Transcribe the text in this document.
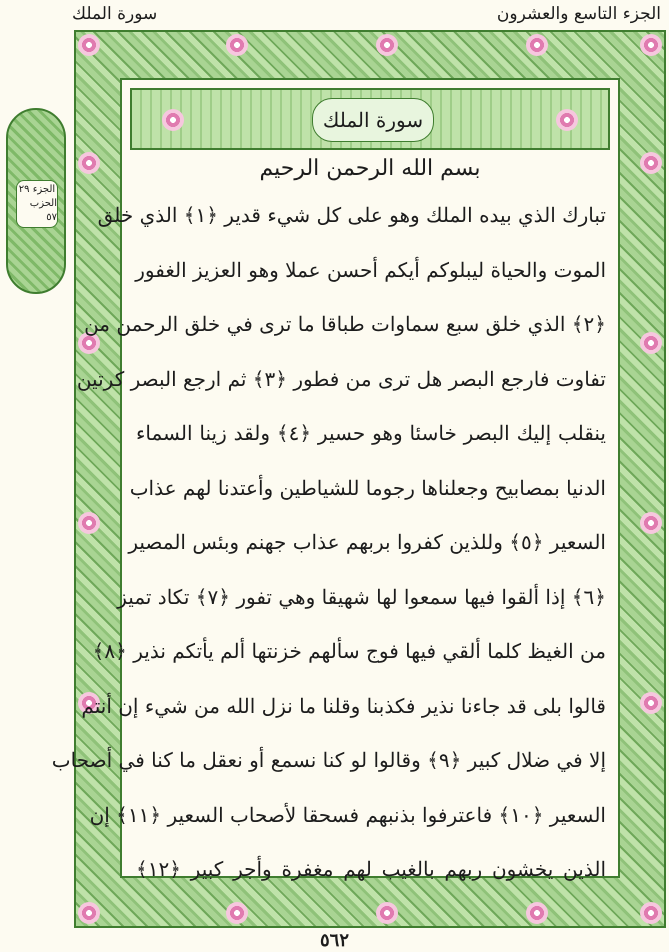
الجزء التاسع والعشرون
سورة الملك
الجزء ٢٩
الحزب ٥٧
سورة الملك
بسم الله الرحمن الرحيم
تبارك الذي بيده الملك وهو على كل شيء قدير ﴿١﴾ الذي خلق
الموت والحياة ليبلوكم أيكم أحسن عملا وهو العزيز الغفور
﴿٢﴾ الذي خلق سبع سماوات طباقا ما ترى في خلق الرحمن من
تفاوت فارجع البصر هل ترى من فطور ﴿٣﴾ ثم ارجع البصر كرتين
ينقلب إليك البصر خاسئا وهو حسير ﴿٤﴾ ولقد زينا السماء
الدنيا بمصابيح وجعلناها رجوما للشياطين وأعتدنا لهم عذاب
السعير ﴿٥﴾ وللذين كفروا بربهم عذاب جهنم وبئس المصير
﴿٦﴾ إذا ألقوا فيها سمعوا لها شهيقا وهي تفور ﴿٧﴾ تكاد تميز
من الغيظ كلما ألقي فيها فوج سألهم خزنتها ألم يأتكم نذير ﴿٨﴾
قالوا بلى قد جاءنا نذير فكذبنا وقلنا ما نزل الله من شيء إن أنتم
إلا في ضلال كبير ﴿٩﴾ وقالوا لو كنا نسمع أو نعقل ما كنا في أصحاب
السعير ﴿١٠﴾ فاعترفوا بذنبهم فسحقا لأصحاب السعير ﴿١١﴾ إن
الذين يخشون ربهم بالغيب لهم مغفرة وأجر كبير ﴿١٢﴾
٥٦٢
